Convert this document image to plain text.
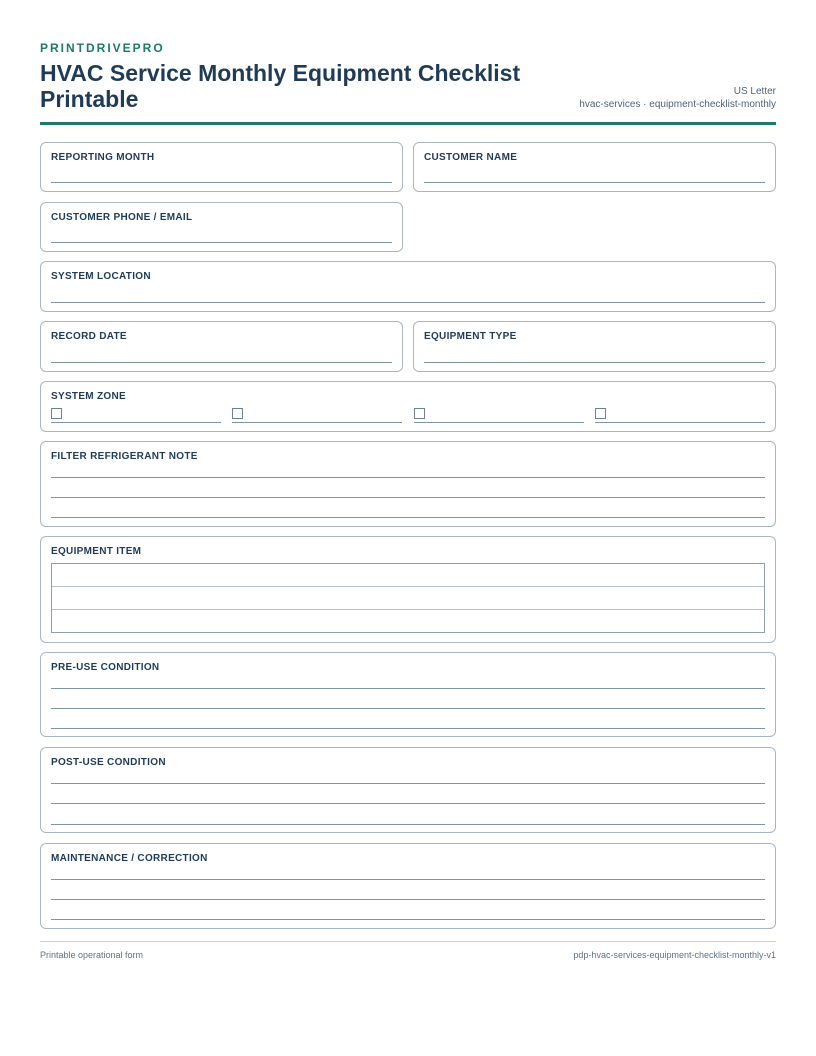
PRINTDRIVEPRO
HVAC Service Monthly Equipment Checklist Printable	US Letter
hvac-services · equipment-checklist-monthly
REPORTING MONTH	CUSTOMER NAME
CUSTOMER PHONE / EMAIL
SYSTEM LOCATION
RECORD DATE	EQUIPMENT TYPE
SYSTEM ZONE
FILTER REFRIGERANT NOTE
EQUIPMENT ITEM
PRE-USE CONDITION
POST-USE CONDITION
MAINTENANCE / CORRECTION
Printable operational form	pdp-hvac-services-equipment-checklist-monthly-v1
